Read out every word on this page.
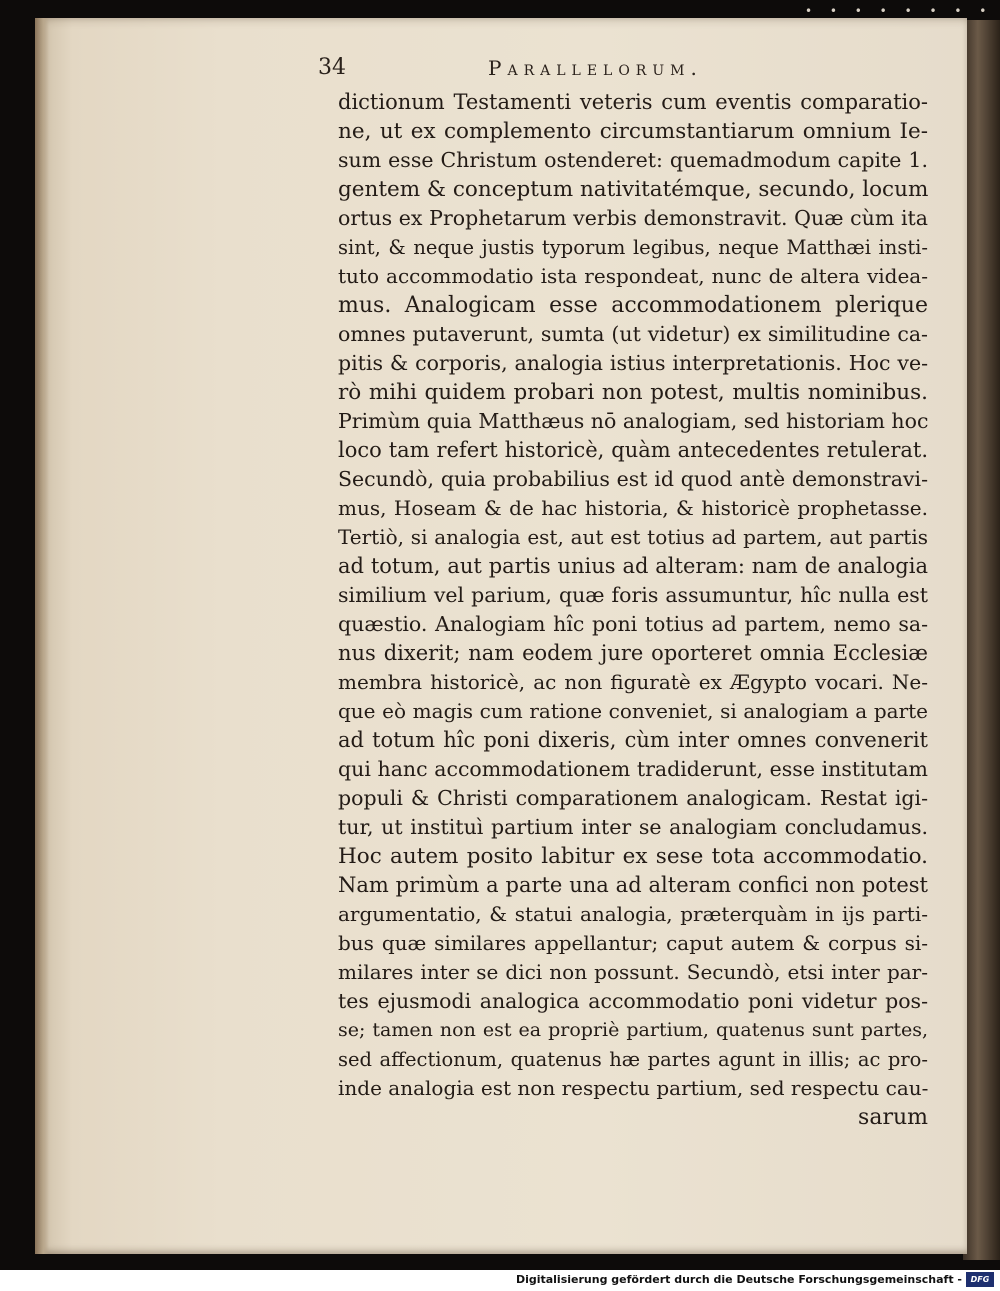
• • • • • • • •
34	Parallelorum.
dictionum Testamenti veteris cum eventis comparatio-
ne, ut ex complemento circumstantiarum omnium Ie-
sum esse Christum ostenderet: quemadmodum capite 1.
gentem & conceptum nativitatémque, secundo, locum
ortus ex Prophetarum verbis demonstravit. Quæ cùm ita
sint, & neque justis typorum legibus, neque Matthæi insti-
tuto accommodatio ista respondeat, nunc de altera videa-
mus. Analogicam esse accommodationem plerique
omnes putaverunt, sumta (ut videtur) ex similitudine ca-
pitis & corporis, analogia istius interpretationis. Hoc ve-
rò mihi quidem probari non potest, multis nominibus.
Primùm quia Matthæus nō analogiam, sed historiam hoc
loco tam refert historicè, quàm antecedentes retulerat.
Secundò, quia probabilius est id quod antè demonstravi-
mus, Hoseam & de hac historia, & historicè prophetasse.
Tertiò, si analogia est, aut est totius ad partem, aut partis
ad totum, aut partis unius ad alteram: nam de analogia
similium vel parium, quæ foris assumuntur, hîc nulla est
quæstio. Analogiam hîc poni totius ad partem, nemo sa-
nus dixerit; nam eodem jure oporteret omnia Ecclesiæ
membra historicè, ac non figuratè ex Ægypto vocari. Ne-
que eò magis cum ratione conveniet, si analogiam a parte
ad totum hîc poni dixeris, cùm inter omnes convenerit
qui hanc accommodationem tradiderunt, esse institutam
populi & Christi comparationem analogicam. Restat igi-
tur, ut instituì partium inter se analogiam concludamus.
Hoc autem posito labitur ex sese tota accommodatio.
Nam primùm a parte una ad alteram confici non potest
argumentatio, & statui analogia, præterquàm in ijs parti-
bus quæ similares appellantur; caput autem & corpus si-
milares inter se dici non possunt. Secundò, etsi inter par-
tes ejusmodi analogica accommodatio poni videtur pos-
se; tamen non est ea propriè partium, quatenus sunt partes,
sed affectionum, quatenus hæ partes agunt in illis; ac pro-
inde analogia est non respectu partium, sed respectu cau-
sarum
Digitalisierung gefördert durch die Deutsche Forschungsgemeinschaft -	DFG
